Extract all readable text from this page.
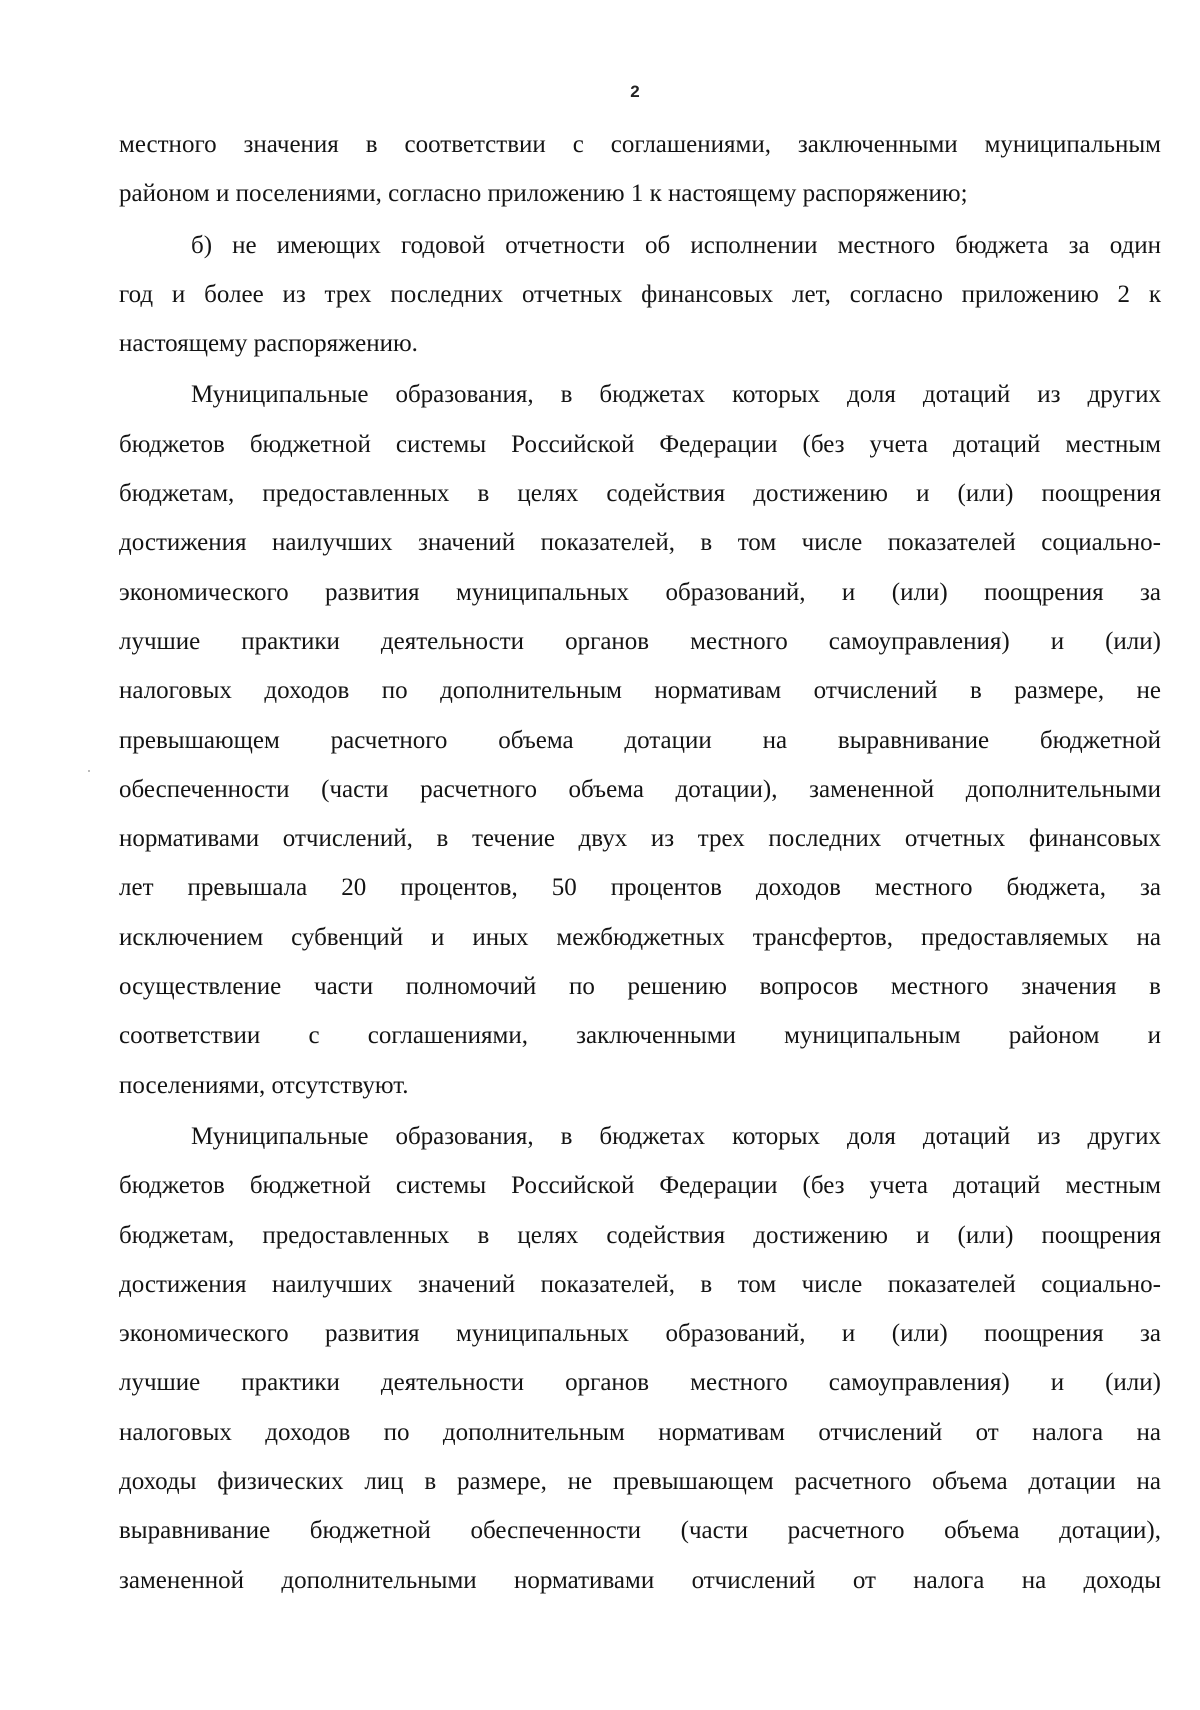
2
местного значения в соответствии с соглашениями, заключенными муниципальным
районом и поселениями, согласно приложению 1 к настоящему распоряжению;
б) не имеющих годовой отчетности об исполнении местного бюджета за один
год и более из трех последних отчетных финансовых лет, согласно приложению 2 к
настоящему распоряжению.
Муниципальные образования, в бюджетах которых доля дотаций из других
бюджетов бюджетной системы Российской Федерации (без учета дотаций местным
бюджетам, предоставленных в целях содействия достижению и (или) поощрения
достижения наилучших значений показателей, в том числе показателей социально-
экономического развития муниципальных образований, и (или) поощрения за
лучшие практики деятельности органов местного самоуправления) и (или)
налоговых доходов по дополнительным нормативам отчислений в размере, не
превышающем расчетного объема дотации на выравнивание бюджетной
обеспеченности (части расчетного объема дотации), замененной дополнительными
нормативами отчислений, в течение двух из трех последних отчетных финансовых
лет превышала 20 процентов, 50 процентов доходов местного бюджета, за
исключением субвенций и иных межбюджетных трансфертов, предоставляемых на
осуществление части полномочий по решению вопросов местного значения в
соответствии с соглашениями, заключенными муниципальным районом и
поселениями, отсутствуют.
Муниципальные образования, в бюджетах которых доля дотаций из других
бюджетов бюджетной системы Российской Федерации (без учета дотаций местным
бюджетам, предоставленных в целях содействия достижению и (или) поощрения
достижения наилучших значений показателей, в том числе показателей социально-
экономического развития муниципальных образований, и (или) поощрения за
лучшие практики деятельности органов местного самоуправления) и (или)
налоговых доходов по дополнительным нормативам отчислений от налога на
доходы физических лиц в размере, не превышающем расчетного объема дотации на
выравнивание бюджетной обеспеченности (части расчетного объема дотации),
замененной дополнительными нормативами отчислений от налога на доходы
